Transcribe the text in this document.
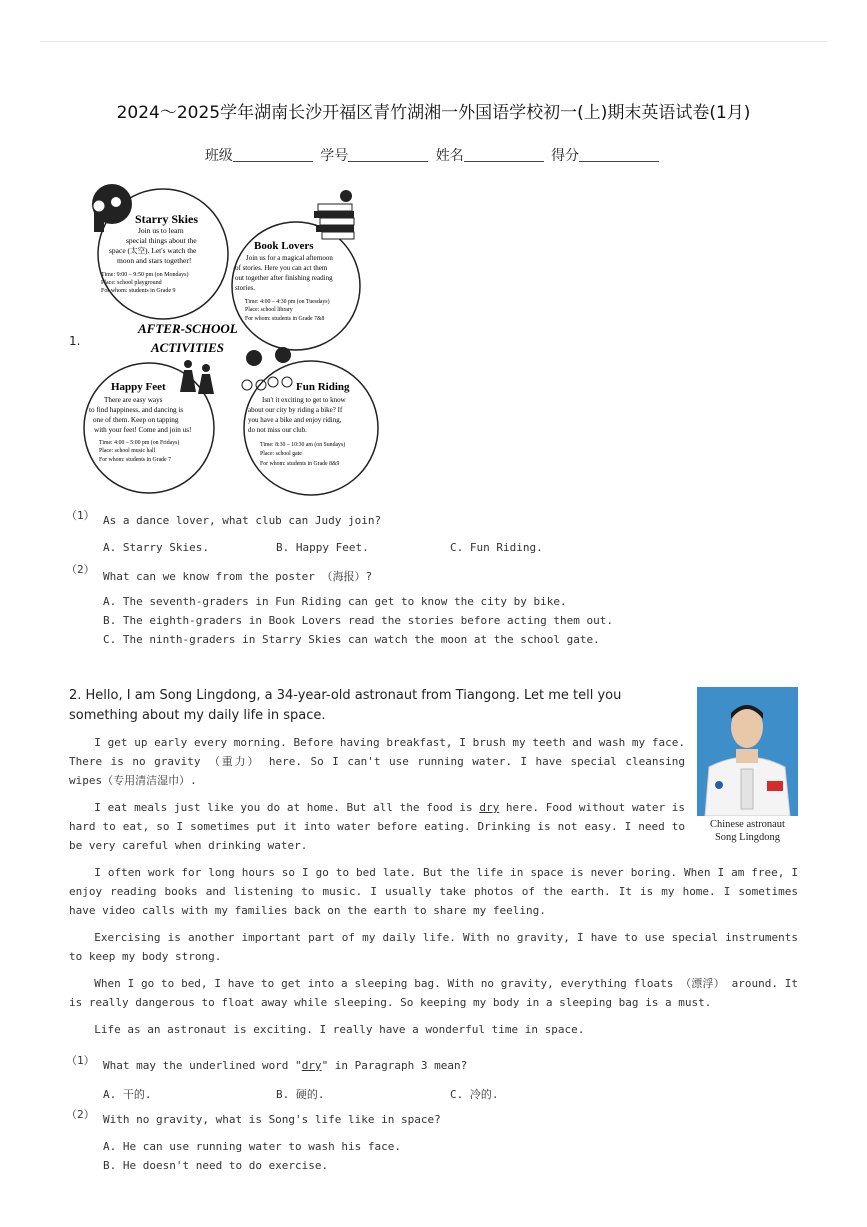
2024～2025学年湖南长沙开福区青竹湖湘一外国语学校初一(上)期末英语试卷(1月)
班级	学号	姓名	得分
1.
Starry Skies
Join us to learn
special things about the
space (太空). Let's watch the
moon and stars together!
Time: 9:00 – 9:50 pm (on Mondays)
Place: school playground
For whom: students in Grade 9
Book Lovers
Join us for a magical afternoon
of stories. Here you can act them
out together after finishing reading
stories.
Time: 4:00 – 4:30 pm (on Tuesdays)
Place: school library
For whom: students in Grade 7&8
AFTER-SCHOOL
ACTIVITIES
Happy Feet
There are easy ways
to find happiness, and dancing is
one of them. Keep on tapping
with your feet! Come and join us!
Time: 4:00 – 5:00 pm (on Fridays)
Place: school music hall
For whom: students in Grade 7
Fun Riding
Isn't it exciting to get to know
about our city by riding a bike? If
you have a bike and enjoy riding,
do not miss our club.
Time: 8:30 – 10:30 am (on Sundays)
Place: school gate
For whom: students in Grade 8&9
（1） As a dance lover, what club can Judy join?
A. Starry Skies.	B. Happy Feet.	C. Fun Riding.
（2）
What can we know from the poster （海报）?
A. The seventh-graders in Fun Riding can get to know the city by bike.
B. The eighth-graders in Book Lovers read the stories before acting them out.
C. The ninth-graders in Starry Skies can watch the moon at the school gate.
2. Hello, I am Song Lingdong, a 34-year-old astronaut from Tiangong. Let me tell you something about my daily life in space.
Chinese astronaut
Song Lingdong
I get up early every morning. Before having breakfast, I brush my teeth and wash my face. There is no gravity （重力） here. So I can't use running water. I have special cleansing wipes（专用清洁湿巾）.
I eat meals just like you do at home. But all the food is dry here. Food without water is hard to eat, so I sometimes put it into water before eating. Drinking is not easy. I need to be very careful when drinking water.
I often work for long hours so I go to bed late. But the life in space is never boring. When I am free, I enjoy reading books and listening to music. I usually take photos of the earth. It is my home. I sometimes have video calls with my families back on the earth to share my feeling.
Exercising is another important part of my daily life. With no gravity, I have to use special instruments to keep my body strong.
When I go to bed, I have to get into a sleeping bag. With no gravity, everything floats （漂浮） around. It is really dangerous to float away while sleeping. So keeping my body in a sleeping bag is a must.
Life as an astronaut is exciting. I really have a wonderful time in space.
（1） What may the underlined word "dry" in Paragraph 3 mean?
A. 干的.	B. 硬的.	C. 冷的.
（2） With no gravity, what is Song's life like in space?
A. He can use running water to wash his face.
B. He doesn't need to do exercise.
